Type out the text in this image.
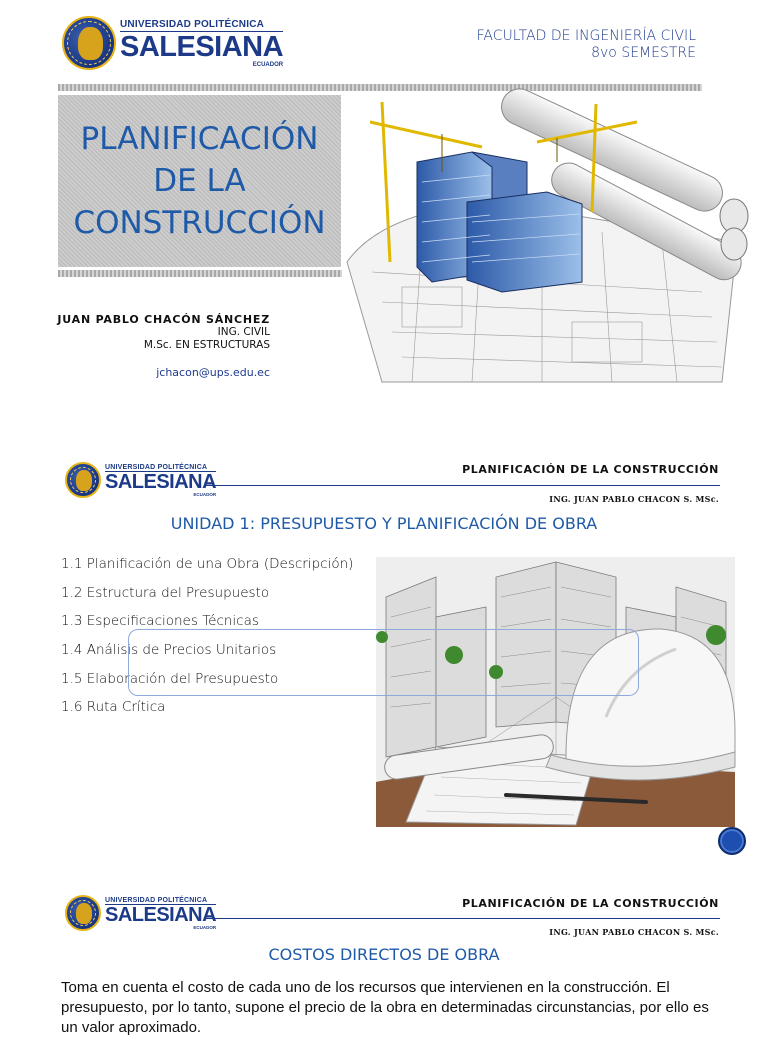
UNIVERSIDAD POLITÉCNICA
SALESIANA
ECUADOR
FACULTAD DE INGENIERÍA CIVIL
8vo SEMESTRE
PLANIFICACIÓN
DE LA
CONSTRUCCIÓN
JUAN PABLO CHACÓN SÁNCHEZ
ING. CIVIL
M.Sc. EN ESTRUCTURAS
jchacon@ups.edu.ec
UNIVERSIDAD POLITÉCNICA
SALESIANA
ECUADOR
PLANIFICACIÓN DE LA CONSTRUCCIÓN
ING. JUAN PABLO CHACON S. MSc.
UNIDAD 1: PRESUPUESTO Y PLANIFICACIÓN DE OBRA
1.1 Planificación de una Obra (Descripción)
1.2 Estructura del Presupuesto
1.3 Especificaciones Técnicas
1.4 Análisis de Precios Unitarios
1.5 Elaboración del Presupuesto
1.6 Ruta Crítica
UNIVERSIDAD POLITÉCNICA
SALESIANA
ECUADOR
PLANIFICACIÓN DE LA CONSTRUCCIÓN
ING. JUAN PABLO CHACON S. MSc.
COSTOS DIRECTOS DE OBRA
Toma en cuenta el costo de cada uno de los recursos que intervienen en la construcción. El presupuesto, por lo tanto, supone el precio de la obra en determinadas circunstancias, por ello es un valor aproximado.
